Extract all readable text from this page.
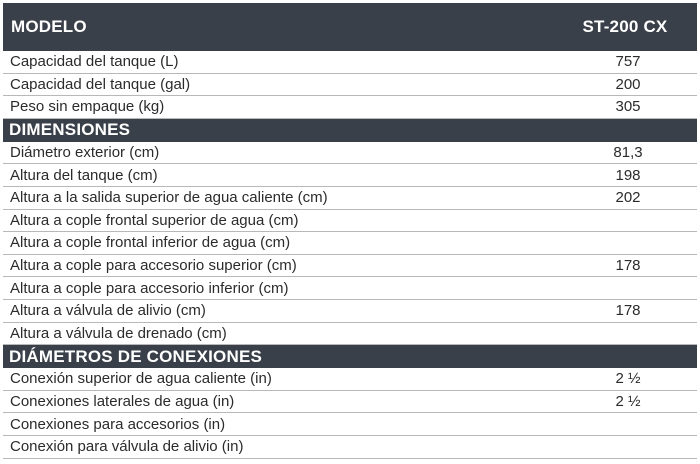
MODELO	ST-200 CX
Capacidad del tanque (L)	757
Capacidad del tanque (gal)	200
Peso sin empaque (kg)	305
DIMENSIONES	
Diámetro exterior (cm)	81,3
Altura del tanque (cm)	198
Altura a la salida superior de agua caliente (cm)	202
Altura a cople frontal superior de agua (cm)	
Altura a cople frontal inferior de agua (cm)	
Altura a cople para accesorio superior (cm)	178
Altura a cople para accesorio inferior (cm)	
Altura a válvula de alivio (cm)	178
Altura a válvula de drenado (cm)	
DIÁMETROS DE CONEXIONES	
Conexión superior de agua caliente (in)	2 ½
Conexiones laterales de agua (in)	2 ½
Conexiones para accesorios (in)	
Conexión para válvula de alivio (in)	
